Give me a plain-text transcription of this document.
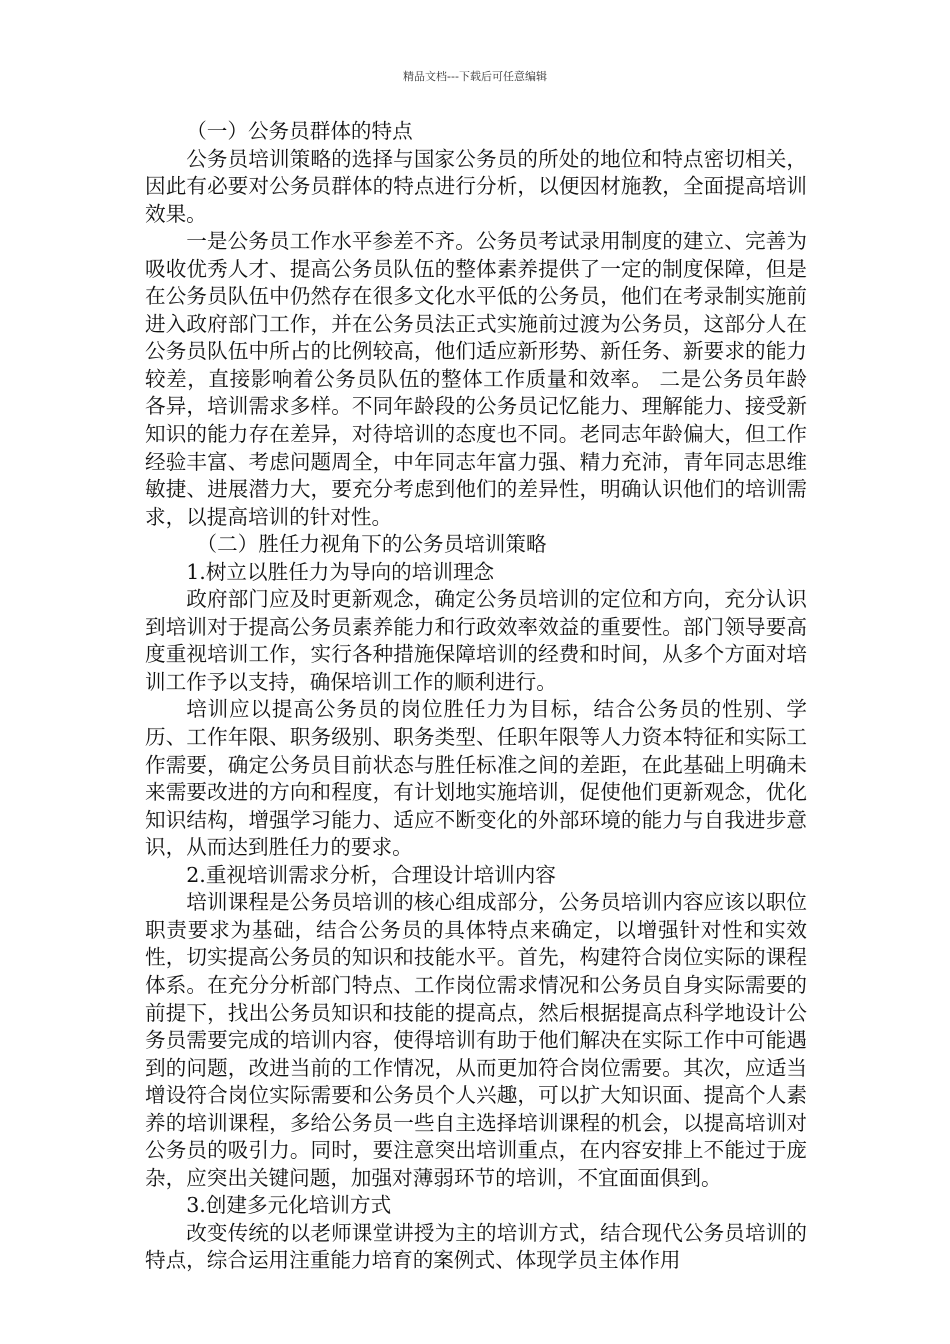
精品文档---下载后可任意编辑

（一）公务员群体的特点

公务员培训策略的选择与国家公务员的所处的地位和特点密切相关，因此有必要对公务员群体的特点进行分析，以便因材施教，全面提高培训效果。

一是公务员工作水平参差不齐。公务员考试录用制度的建立、完善为吸收优秀人才、提高公务员队伍的整体素养提供了一定的制度保障，但是在公务员队伍中仍然存在很多文化水平低的公务员，他们在考录制实施前进入政府部门工作，并在公务员法正式实施前过渡为公务员，这部分人在公务员队伍中所占的比例较高，他们适应新形势、新任务、新要求的能力较差，直接影响着公务员队伍的整体工作质量和效率。 二是公务员年龄各异，培训需求多样。不同年龄段的公务员记忆能力、理解能力、接受新知识的能力存在差异，对待培训的态度也不同。老同志年龄偏大，但工作经验丰富、考虑问题周全，中年同志年富力强、精力充沛，青年同志思维敏捷、进展潜力大，要充分考虑到他们的差异性，明确认识他们的培训需求，以提高培训的针对性。

（二）胜任力视角下的公务员培训策略

1.树立以胜任力为导向的培训理念

政府部门应及时更新观念，确定公务员培训的定位和方向，充分认识到培训对于提高公务员素养能力和行政效率效益的重要性。部门领导要高度重视培训工作，实行各种措施保障培训的经费和时间，从多个方面对培训工作予以支持，确保培训工作的顺利进行。

培训应以提高公务员的岗位胜任力为目标，结合公务员的性别、学历、工作年限、职务级别、职务类型、任职年限等人力资本特征和实际工作需要，确定公务员目前状态与胜任标准之间的差距，在此基础上明确未来需要改进的方向和程度，有计划地实施培训，促使他们更新观念，优化知识结构，增强学习能力、适应不断变化的外部环境的能力与自我进步意识，从而达到胜任力的要求。

2.重视培训需求分析，合理设计培训内容

培训课程是公务员培训的核心组成部分，公务员培训内容应该以职位职责要求为基础，结合公务员的具体特点来确定，以增强针对性和实效性，切实提高公务员的知识和技能水平。首先，构建符合岗位实际的课程体系。在充分分析部门特点、工作岗位需求情况和公务员自身实际需要的前提下，找出公务员知识和技能的提高点，然后根据提高点科学地设计公务员需要完成的培训内容，使得培训有助于他们解决在实际工作中可能遇到的问题，改进当前的工作情况，从而更加符合岗位需要。其次，应适当增设符合岗位实际需要和公务员个人兴趣，可以扩大知识面、提高个人素养的培训课程，多给公务员一些自主选择培训课程的机会，以提高培训对公务员的吸引力。同时，要注意突出培训重点，在内容安排上不能过于庞杂，应突出关键问题，加强对薄弱环节的培训，不宜面面俱到。

3.创建多元化培训方式

改变传统的以老师课堂讲授为主的培训方式，结合现代公务员培训的特点，综合运用注重能力培育的案例式、体现学员主体作用
